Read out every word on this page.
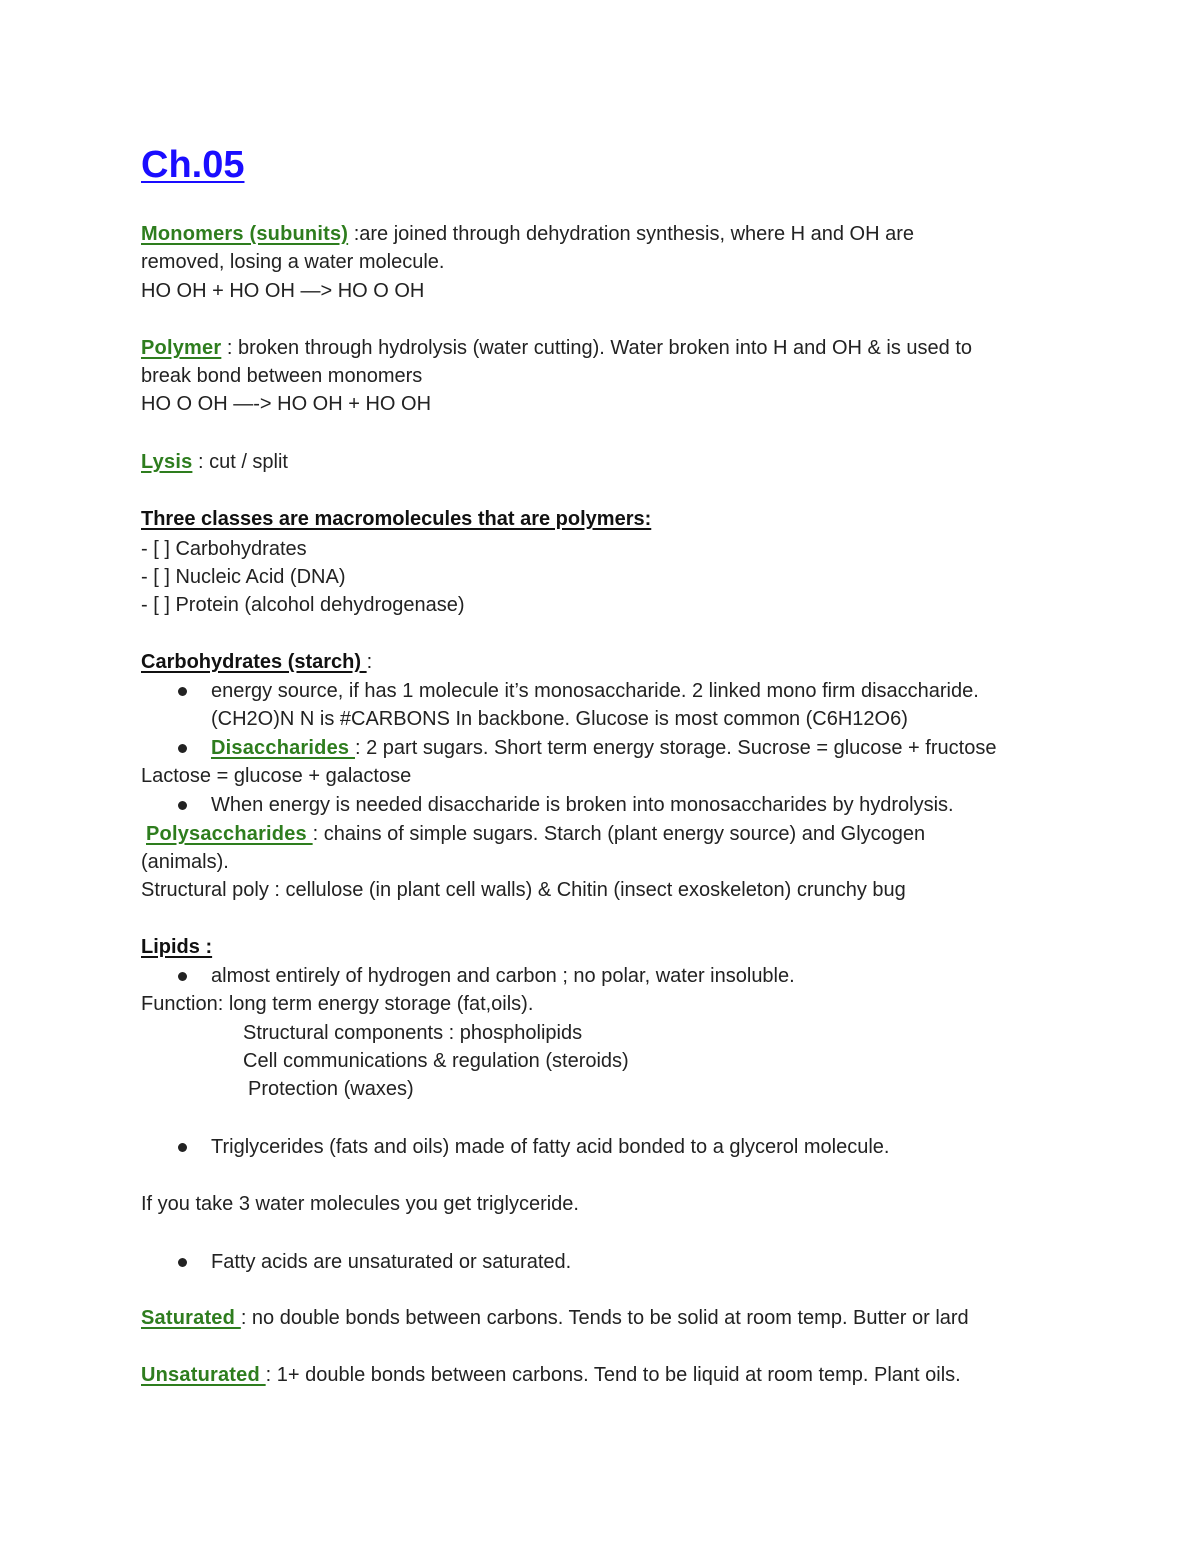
Ch.05
Monomers (subunits) :are joined through dehydration synthesis, where H and OH are
removed, losing a water molecule.
HO OH + HO OH —> HO O OH
Polymer : broken through hydrolysis (water cutting). Water broken into H and OH & is used to
break bond between monomers
HO O OH —-> HO OH + HO OH
Lysis : cut / split
Three classes are macromolecules that are polymers:
- [ ] Carbohydrates
- [ ] Nucleic Acid (DNA)
- [ ] Protein (alcohol dehydrogenase)
Carbohydrates (starch) :
energy source, if has 1 molecule it’s monosaccharide. 2 linked mono firm disaccharide.
(CH2O)N N is #CARBONS In backbone. Glucose is most common (C6H12O6)
Disaccharides : 2 part sugars. Short term energy storage. Sucrose = glucose + fructose
Lactose = glucose + galactose
When energy is needed disaccharide is broken into monosaccharides by hydrolysis.
Polysaccharides : chains of simple sugars. Starch (plant energy source) and Glycogen
(animals).
Structural poly : cellulose (in plant cell walls) & Chitin (insect exoskeleton) crunchy bug
Lipids :
almost entirely of hydrogen and carbon ; no polar, water insoluble.
Function: long term energy storage (fat,oils).
Structural components : phospholipids
Cell communications & regulation (steroids)
Protection (waxes)
Triglycerides (fats and oils) made of fatty acid bonded to a glycerol molecule.
If you take 3 water molecules you get triglyceride.
Fatty acids are unsaturated or saturated.
Saturated : no double bonds between carbons. Tends to be solid at room temp. Butter or lard
Unsaturated : 1+ double bonds between carbons. Tend to be liquid at room temp. Plant oils.
